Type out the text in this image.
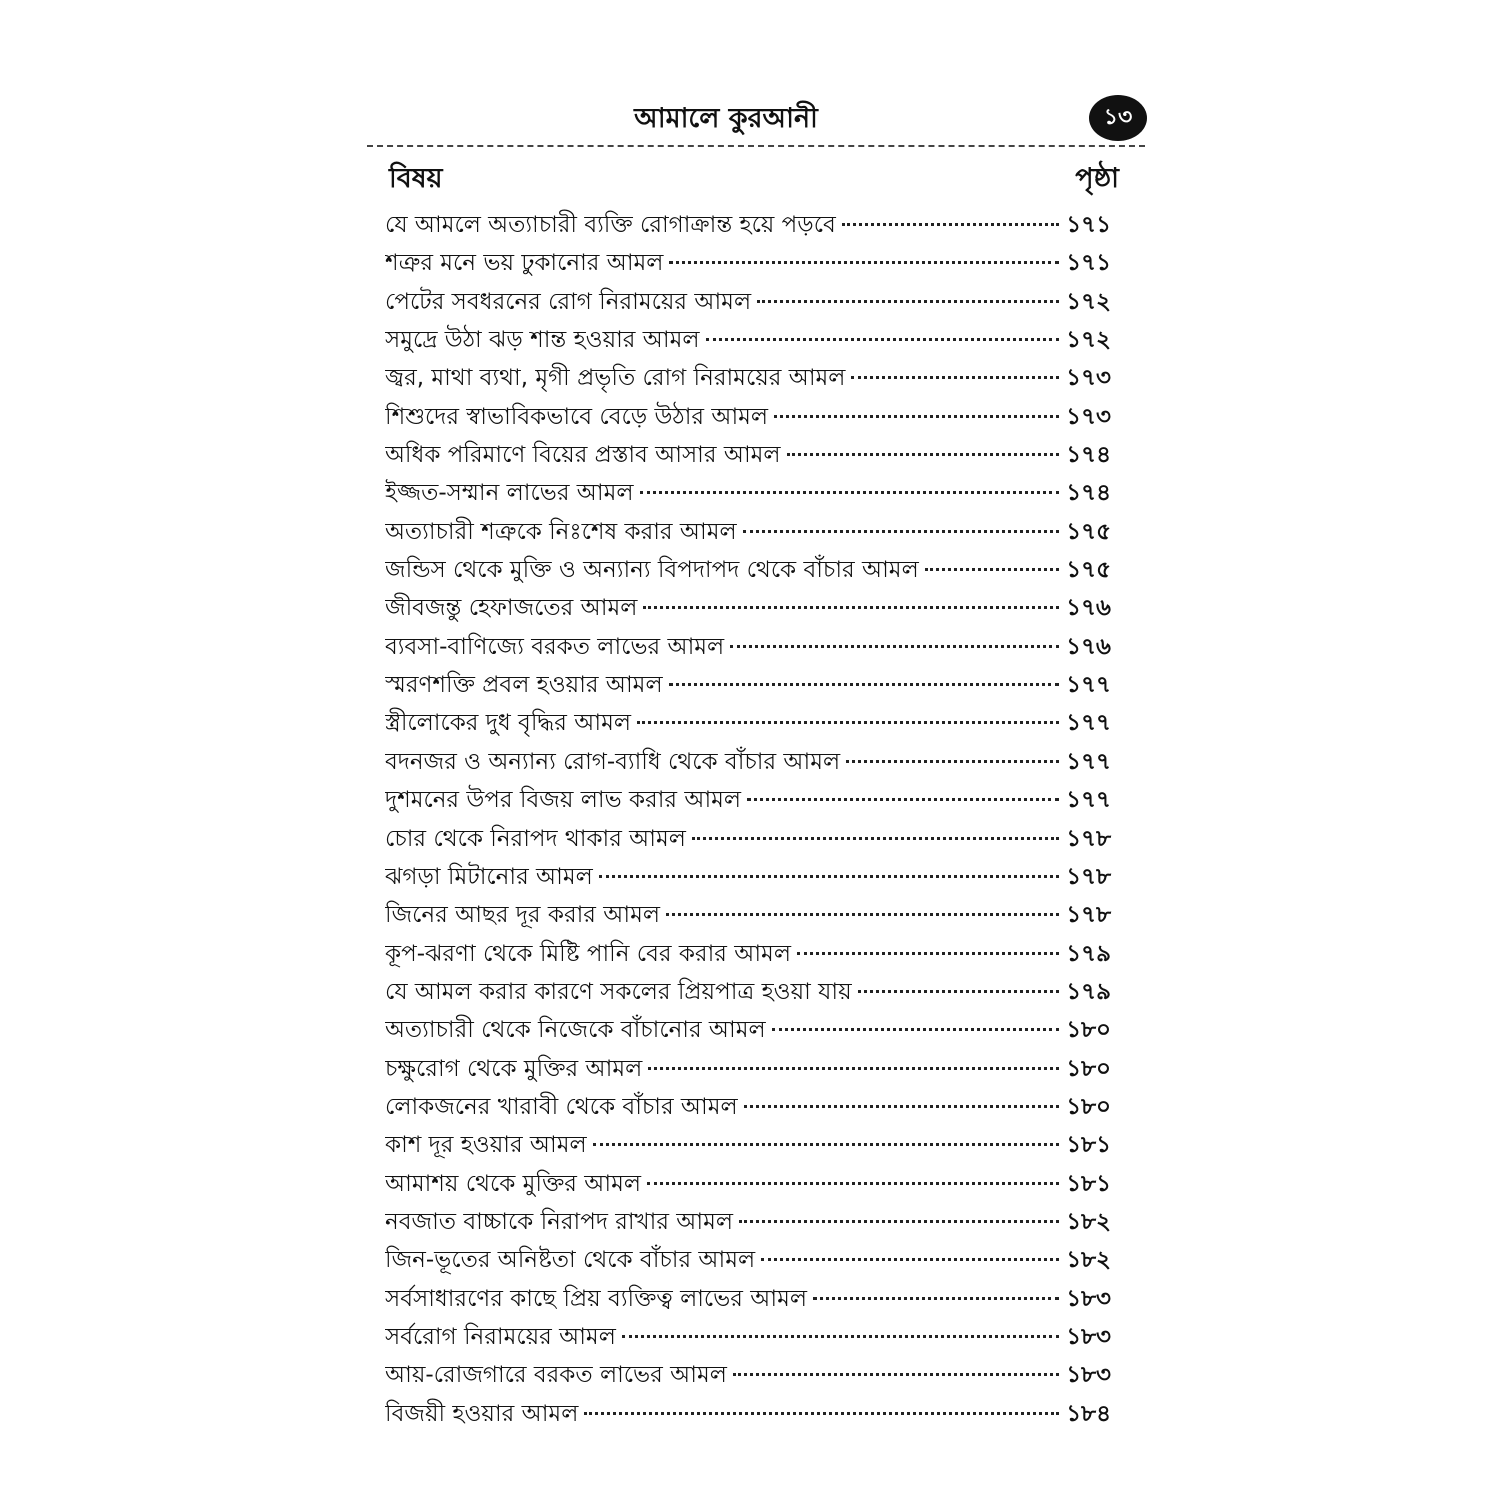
আমালে কুরআনী	১৩
বিষয়	পৃষ্ঠা
যে আমলে অত্যাচারী ব্যক্তি রোগাক্রান্ত হয়ে পড়বে	১৭১
শত্রুর মনে ভয় ঢুকানোর আমল	১৭১
পেটের সবধরনের রোগ নিরাময়ের আমল	১৭২
সমুদ্রে উঠা ঝড় শান্ত হওয়ার আমল	১৭২
জ্বর, মাথা ব্যথা, মৃগী প্রভৃতি রোগ নিরাময়ের আমল	১৭৩
শিশুদের স্বাভাবিকভাবে বেড়ে উঠার আমল	১৭৩
অধিক পরিমাণে বিয়ের প্রস্তাব আসার আমল	১৭৪
ইজ্জত-সম্মান লাভের আমল	১৭৪
অত্যাচারী শত্রুকে নিঃশেষ করার আমল	১৭৫
জন্ডিস থেকে মুক্তি ও অন্যান্য বিপদাপদ থেকে বাঁচার আমল	১৭৫
জীবজন্তু হেফাজতের আমল	১৭৬
ব্যবসা-বাণিজ্যে বরকত লাভের আমল	১৭৬
স্মরণশক্তি প্রবল হওয়ার আমল	১৭৭
স্ত্রীলোকের দুধ বৃদ্ধির আমল	১৭৭
বদনজর ও অন্যান্য রোগ-ব্যাধি থেকে বাঁচার আমল	১৭৭
দুশমনের উপর বিজয় লাভ করার আমল	১৭৭
চোর থেকে নিরাপদ থাকার আমল	১৭৮
ঝগড়া মিটানোর আমল	১৭৮
জিনের আছর দূর করার আমল	১৭৮
কূপ-ঝরণা থেকে মিষ্টি পানি বের করার আমল	১৭৯
যে আমল করার কারণে সকলের প্রিয়পাত্র হওয়া যায়	১৭৯
অত্যাচারী থেকে নিজেকে বাঁচানোর আমল	১৮০
চক্ষুরোগ থেকে মুক্তির আমল	১৮০
লোকজনের খারাবী থেকে বাঁচার আমল	১৮০
কাশ দূর হওয়ার আমল	১৮১
আমাশয় থেকে মুক্তির আমল	১৮১
নবজাত বাচ্চাকে নিরাপদ রাখার আমল	১৮২
জিন-ভূতের অনিষ্টতা থেকে বাঁচার আমল	১৮২
সর্বসাধারণের কাছে প্রিয় ব্যক্তিত্ব লাভের আমল	১৮৩
সর্বরোগ নিরাময়ের আমল	১৮৩
আয়-রোজগারে বরকত লাভের আমল	১৮৩
বিজয়ী হওয়ার আমল	১৮৪
